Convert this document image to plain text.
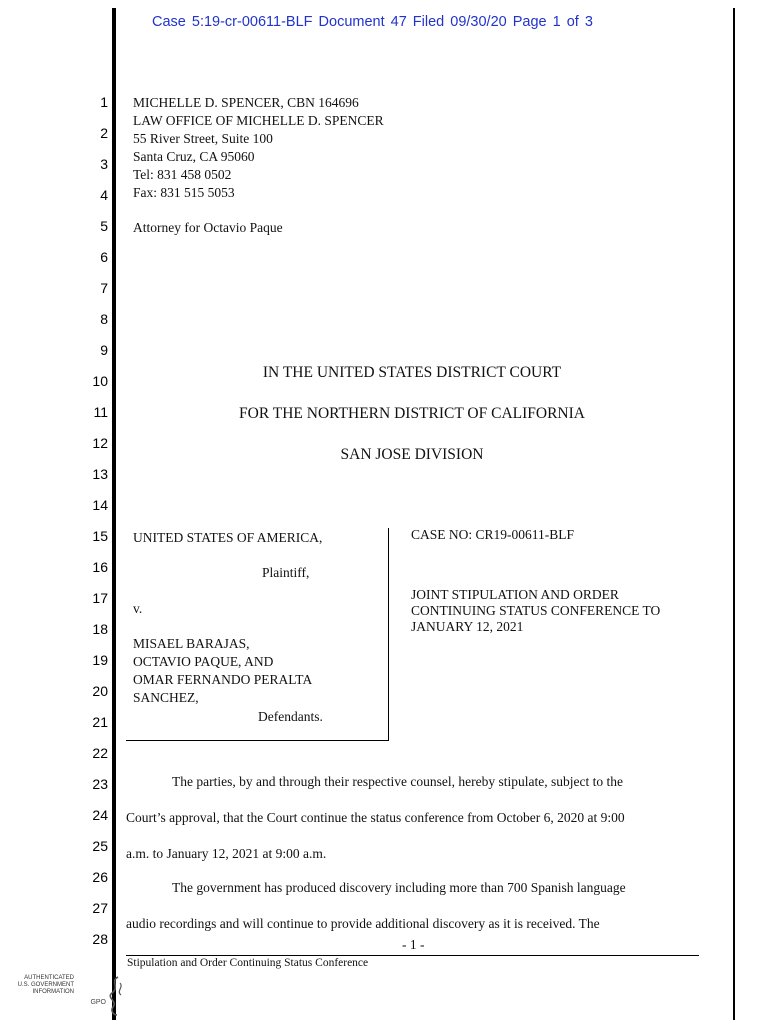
Case 5:19-cr-00611-BLF Document 47 Filed 09/30/20 Page 1 of 3
1
2
3
4
5
6
7
8
9
10
11
12
13
14
15
16
17
18
19
20
21
22
23
24
25
26
27
28
MICHELLE D. SPENCER, CBN 164696
LAW OFFICE OF MICHELLE D. SPENCER
55 River Street, Suite 100
Santa Cruz, CA 95060
Tel: 831 458 0502
Fax: 831 515 5053
Attorney for Octavio Paque
IN THE UNITED STATES DISTRICT COURT
FOR THE NORTHERN DISTRICT OF CALIFORNIA
SAN JOSE DIVISION
UNITED STATES OF AMERICA,
Plaintiff,
v.
MISAEL BARAJAS,
OCTAVIO PAQUE, AND
OMAR FERNANDO PERALTA
SANCHEZ,
Defendants.
CASE NO: CR19-00611-BLF
JOINT STIPULATION AND ORDER
CONTINUING STATUS CONFERENCE TO
JANUARY 12, 2021
The parties, by and through their respective counsel, hereby stipulate, subject to the
Court’s approval, that the Court continue the status conference from October 6, 2020 at 9:00
a.m. to January 12, 2021 at 9:00 a.m.
The government has produced discovery including more than 700 Spanish language
audio recordings and will continue to provide additional discovery as it is received. The
- 1 -
Stipulation and Order Continuing Status Conference
AUTHENTICATED
U.S. GOVERNMENT
INFORMATION
GPO
